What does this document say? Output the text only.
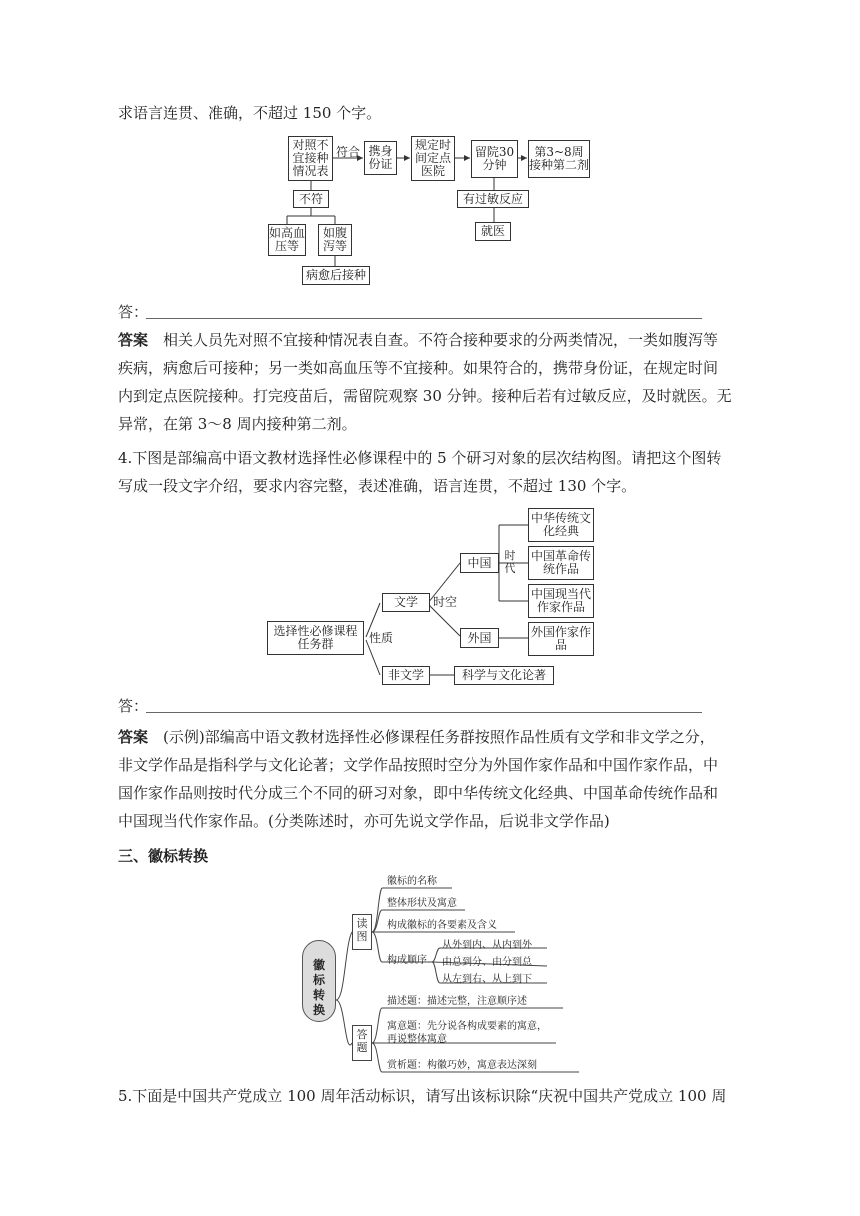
求语言连贯、准确，不超过 150 个字。
对照不宜接种情况表
符合 携身份证
规定时间定点医院
留院30分钟
第3~8周接种第二剂
不符
如高血压等
如腹泻等
病愈后接种
有过敏反应
就医
答：
答案 相关人员先对照不宜接种情况表自查。不符合接种要求的分两类情况，一类如腹泻等
疾病，病愈后可接种；另一类如高血压等不宜接种。如果符合的，携带身份证，在规定时间
内到定点医院接种。打完疫苗后，需留院观察 30 分钟。接种后若有过敏反应，及时就医。无
异常，在第 3～8 周内接种第二剂。
4.下图是部编高中语文教材选择性必修课程中的 5 个研习对象的层次结构图。请把这个图转
写成一段文字介绍，要求内容完整，表述准确，语言连贯，不超过 130 个字。
选择性必修课程任务群	性质
文学	时空
中国	时代
中华传统文化经典
中国革命传统作品
中国现当代作家作品
外国	外国作家作品
非文学	科学与文化论著
答：
答案 (示例)部编高中语文教材选择性必修课程任务群按照作品性质有文学和非文学之分，
非文学作品是指科学与文化论著；文学作品按照时空分为外国作家作品和中国作家作品，中
国作家作品则按时代分成三个不同的研习对象，即中华传统文化经典、中国革命传统作品和
中国现当代作家作品。(分类陈述时，亦可先说文学作品，后说非文学作品)
三、徽标转换
徽标转换
读图
徽标的名称
整体形状及寓意
构成徽标的各要素及含义
构成顺序
从外到内、从内到外
由总到分、由分到总
从左到右、从上到下
答题
描述题：描述完整，注意顺序述
寓意题：先分说各构成要素的寓意，
再说整体寓意
赏析题：构徽巧妙，寓意表达深刻
5.下面是中国共产党成立 100 周年活动标识，请写出该标识除“庆祝中国共产党成立 100 周
